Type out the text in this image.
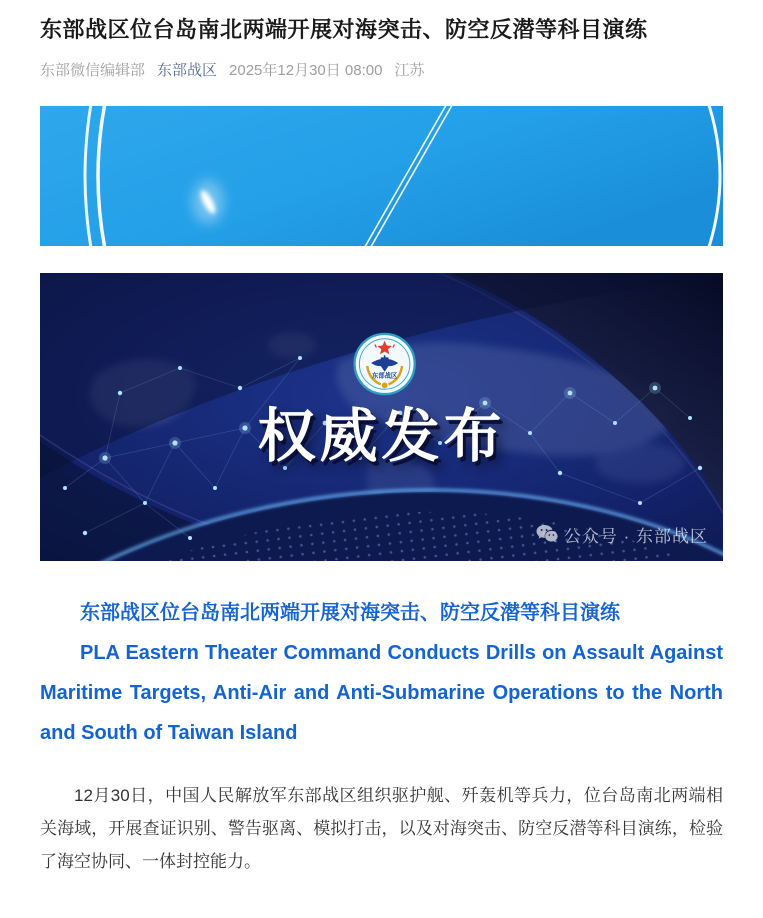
东部战区位台岛南北两端开展对海突击、防空反潜等科目演练
东部微信编辑部 东部战区 2025年12月30日 08:00 江苏
东部战区
权威发布
公众号 · 东部战区

东部战区位台岛南北两端开展对海突击、防空反潜等科目演练

PLA Eastern Theater Command Conducts Drills on Assault Against Maritime Targets, Anti-Air and Anti-Submarine Operations to the North and South of Taiwan Island

12月30日，中国人民解放军东部战区组织驱护舰、歼轰机等兵力，位台岛南北两端相关海域，开展查证识别、警告驱离、模拟打击，以及对海突击、防空反潜等科目演练，检验了海空协同、一体封控能力。
